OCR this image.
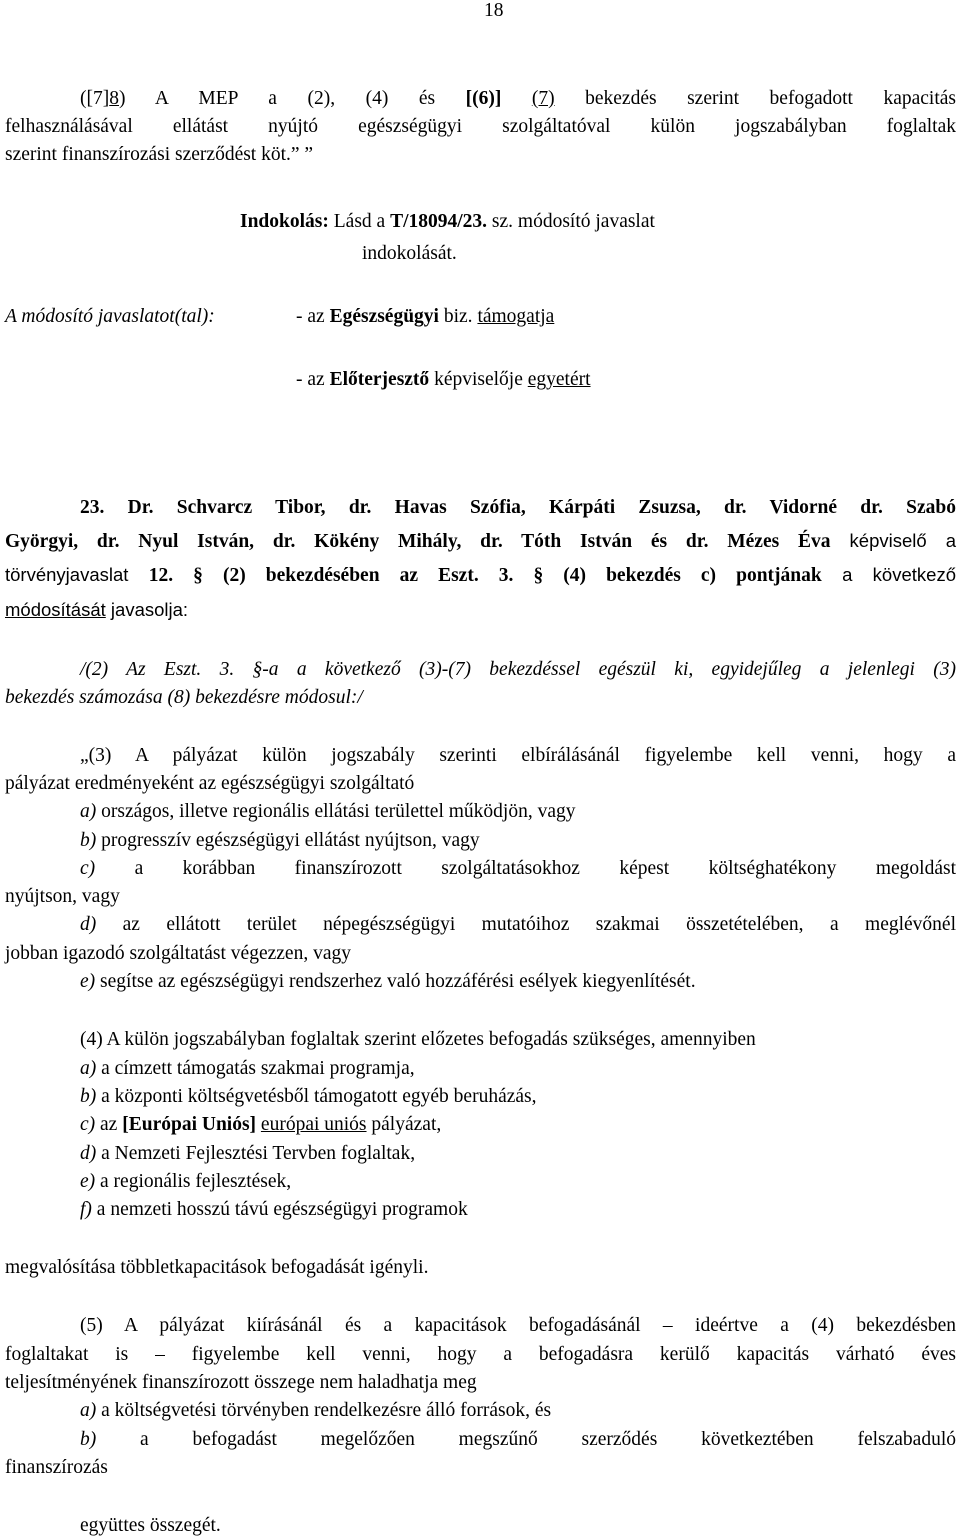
18
([7]8) A MEP a (2), (4) és [(6)] (7) bekezdés szerint befogadott kapacitás
felhasználásával ellátást nyújtó egészségügyi szolgáltatóval külön jogszabályban foglaltak
szerint finanszírozási szerződést köt.” ”
Indokolás: Lásd a T/18094/23. sz. módosító javaslat
indokolását.
A módosító javaslatot(tal):	- az Egészségügyi biz. támogatja
- az Előterjesztő képviselője egyetért
23. Dr. Schvarcz Tibor, dr. Havas Szófia, Kárpáti Zsuzsa, dr. Vidorné dr. Szabó
Györgyi, dr. Nyul István, dr. Kökény Mihály, dr. Tóth István és dr. Mézes Éva képviselő a
törvényjavaslat 12. § (2) bekezdésében az Eszt. 3. § (4) bekezdés c) pontjának a következő
módosítását javasolja:
/(2) Az Eszt. 3. §-a a következő (3)-(7) bekezdéssel egészül ki, egyidejűleg a jelenlegi (3)
bekezdés számozása (8) bekezdésre módosul:/
„(3) A pályázat külön jogszabály szerinti elbírálásánál figyelembe kell venni, hogy a
pályázat eredményeként az egészségügyi szolgáltató
a) országos, illetve regionális ellátási területtel működjön, vagy
b) progresszív egészségügyi ellátást nyújtson, vagy
c) a korábban finanszírozott szolgáltatásokhoz képest költséghatékony megoldást
nyújtson, vagy
d) az ellátott terület népegészségügyi mutatóihoz szakmai összetételében, a meglévőnél
jobban igazodó szolgáltatást végezzen, vagy
e) segítse az egészségügyi rendszerhez való hozzáférési esélyek kiegyenlítését.
(4) A külön jogszabályban foglaltak szerint előzetes befogadás szükséges, amennyiben
a) a címzett támogatás szakmai programja,
b) a központi költségvetésből támogatott egyéb beruházás,
c) az [Európai Uniós] európai uniós pályázat,
d) a Nemzeti Fejlesztési Tervben foglaltak,
e) a regionális fejlesztések,
f) a nemzeti hosszú távú egészségügyi programok
megvalósítása többletkapacitások befogadását igényli.
(5) A pályázat kiírásánál és a kapacitások befogadásánál – ideértve a (4) bekezdésben
foglaltakat is – figyelembe kell venni, hogy a befogadásra kerülő kapacitás várható éves
teljesítményének finanszírozott összege nem haladhatja meg
a) a költségvetési törvényben rendelkezésre álló források, és
b) a befogadást megelőzően megszűnő szerződés következtében felszabaduló
finanszírozás
együttes összegét.
